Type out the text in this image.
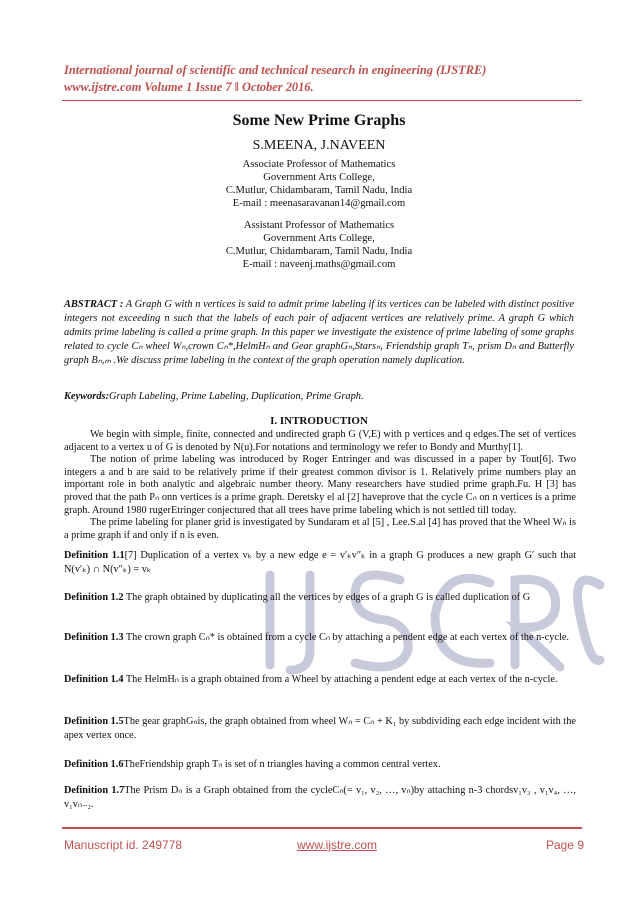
International journal of scientific and technical research in engineering (IJSTRE)
www.ijstre.com Volume 1 Issue 7 ‖ October 2016.
Some New Prime Graphs
S.MEENA, J.NAVEEN
Associate Professor of Mathematics
Government Arts College,
C.Mutlur, Chidambaram, Tamil Nadu, India
E-mail : meenasaravanan14@gmail.com
Assistant Professor of Mathematics
Government Arts College,
C.Mutlur, Chidambaram, Tamil Nadu, India
E-mail : naveenj.maths@gmail.com
ABSTRACT : A Graph G with n vertices is said to admit prime labeling if its vertices can be labeled with distinct positive integers not exceeding n such that the labels of each pair of adjacent vertices are relatively prime. A graph G which admits prime labeling is called a prime graph. In this paper we investigate the existence of prime labeling of some graphs related to cycle Cₙ wheel Wₙ,crown Cₙ*,HelmHₙ and Gear graphGₙ,Starsₙ, Friendship graph Tₙ, prism Dₙ and Butterfly graph Bₙ,ₘ .We discuss prime labeling in the context of the graph operation namely duplication.
Keywords:Graph Labeling, Prime Labeling, Duplication, Prime Graph.
I. INTRODUCTION

We begin with simple, finite, connected and undirected graph G (V,E) with p vertices and q edges.The set of vertices adjacent to a vertex u of G is denoted by N(u).For notations and terminology we refer to Bondy and Murthy[1].

The notion of prime labeling was introduced by Roger Entringer and was discussed in a paper by Tout[6]. Two integers a and b are said to be relatively prime if their greatest common divisor is 1. Relatively prime numbers play an important role in both analytic and algebraic number theory. Many researchers have studied prime graph.Fu. H [3] has proved that the path Pₙ onn vertices is a prime graph. Deretsky el al [2] haveprove that the cycle Cₙ on n vertices is a prime graph. Around 1980 rugerEtringer conjectured that all trees have prime labeling which is not settled till today.

The prime labeling for planer grid is investigated by Sundaram et al [5] , Lee.S.al [4] has proved that the Wheel Wₙ is a prime graph if and only if n is even.

Definition 1.1[7] Duplication of a vertex vₖ by a new edge e = v′ₖv″ₖ in a graph G produces a new graph G′ such that N(v′ₖ) ∩ N(v″ₖ) = vₖ
Definition 1.2 The graph obtained by duplicating all the vertices by edges of a graph G is called duplication of G
Definition 1.3 The crown graph Cₙ* is obtained from a cycle Cₙ by attaching a pendent edge at each vertex of the n-cycle.
Definition 1.4 The HelmHₙ is a graph obtained from a Wheel by attaching a pendent edge at each vertex of the n-cycle.
Definition 1.5The gear graphGₙis, the graph obtained from wheel Wₙ = Cₙ + K₁ by subdividing each edge incident with the apex vertex once.
Definition 1.6TheFriendship graph Tₙ is set of n triangles having a common central vertex.
Definition 1.7The Prism Dₙ is a Graph obtained from the cycleCₙ(= v₁, v₂, …, vₙ)by attaching n-3 chordsv₁v₃ , v₁v₄, …, v₁vₙ₋₂.
Manuscript id. 249778	www.ijstre.com	Page 9
